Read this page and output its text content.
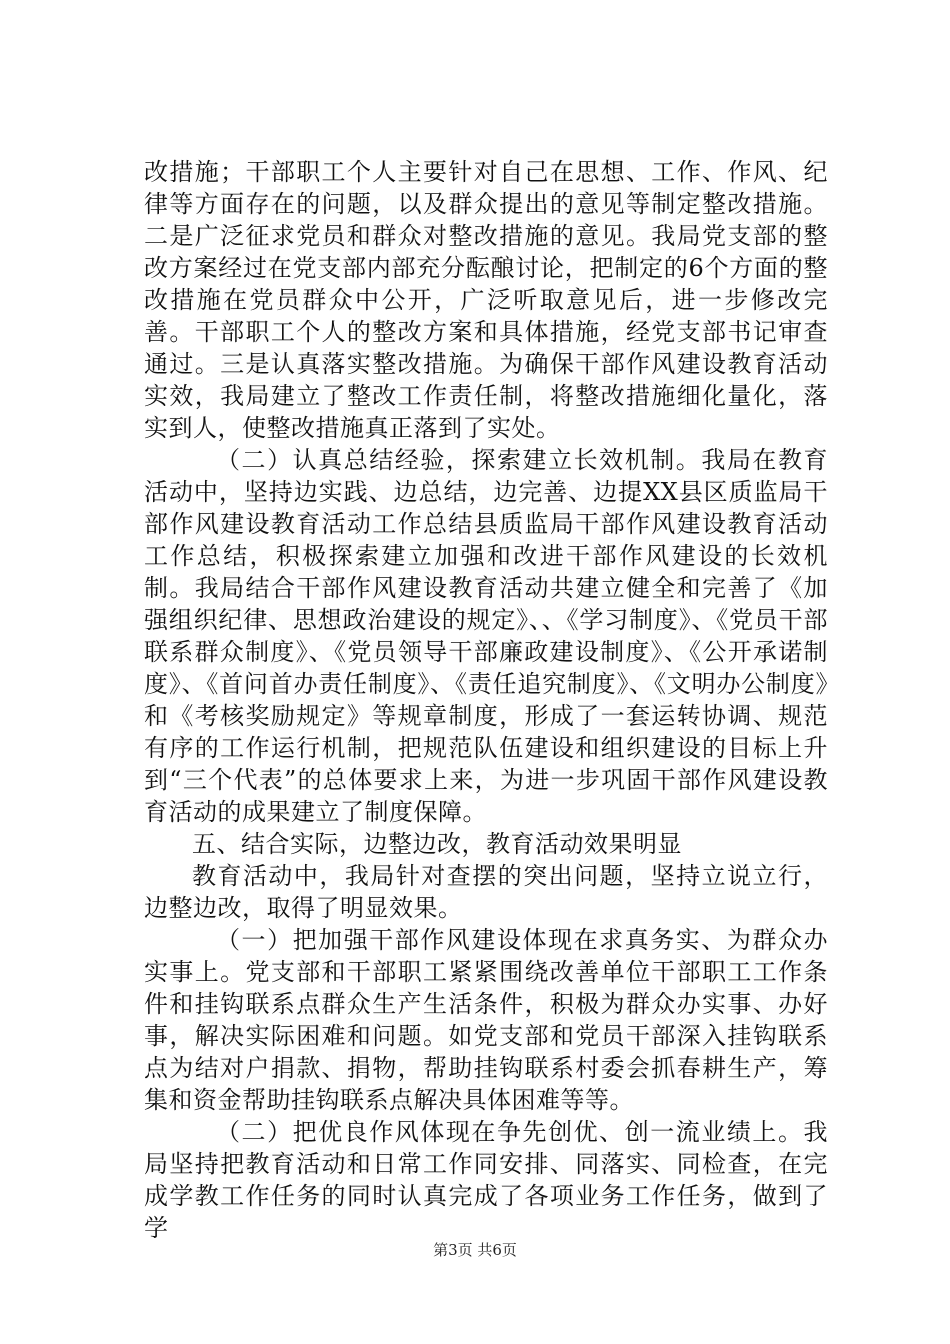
改措施；干部职工个人主要针对自己在思想、工作、作风、纪律等方面存在的问题，以及群众提出的意见等制定整改措施。二是广泛征求党员和群众对整改措施的意见。我局党支部的整改方案经过在党支部内部充分酝酿讨论，把制定的6个方面的整改措施在党员群众中公开，广泛听取意见后，进一步修改完善。干部职工个人的整改方案和具体措施，经党支部书记审查通过。三是认真落实整改措施。为确保干部作风建设教育活动实效，我局建立了整改工作责任制，将整改措施细化量化，落实到人，使整改措施真正落到了实处。

（二）认真总结经验，探索建立长效机制。我局在教育活动中，坚持边实践、边总结，边完善、边提XX县区质监局干部作风建设教育活动工作总结县质监局干部作风建设教育活动工作总结，积极探索建立加强和改进干部作风建设的长效机制。我局结合干部作风建设教育活动共建立健全和完善了《加强组织纪律、思想政治建设的规定》、、《学习制度》、《党员干部联系群众制度》、《党员领导干部廉政建设制度》、《公开承诺制度》、《首问首办责任制度》、《责任追究制度》、《文明办公制度》和《考核奖励规定》等规章制度，形成了一套运转协调、规范有序的工作运行机制，把规范队伍建设和组织建设的目标上升到“三个代表”的总体要求上来，为进一步巩固干部作风建设教育活动的成果建立了制度保障。

五、结合实际，边整边改，教育活动效果明显

教育活动中，我局针对查摆的突出问题，坚持立说立行，边整边改，取得了明显效果。

（一）把加强干部作风建设体现在求真务实、为群众办实事上。党支部和干部职工紧紧围绕改善单位干部职工工作条件和挂钩联系点群众生产生活条件，积极为群众办实事、办好事，解决实际困难和问题。如党支部和党员干部深入挂钩联系点为结对户捐款、捐物，帮助挂钩联系村委会抓春耕生产，筹集和资金帮助挂钩联系点解决具体困难等等。

（二）把优良作风体现在争先创优、创一流业绩上。我局坚持把教育活动和日常工作同安排、同落实、同检查，在完成学教工作任务的同时认真完成了各项业务工作任务，做到了学

第3页 共6页
